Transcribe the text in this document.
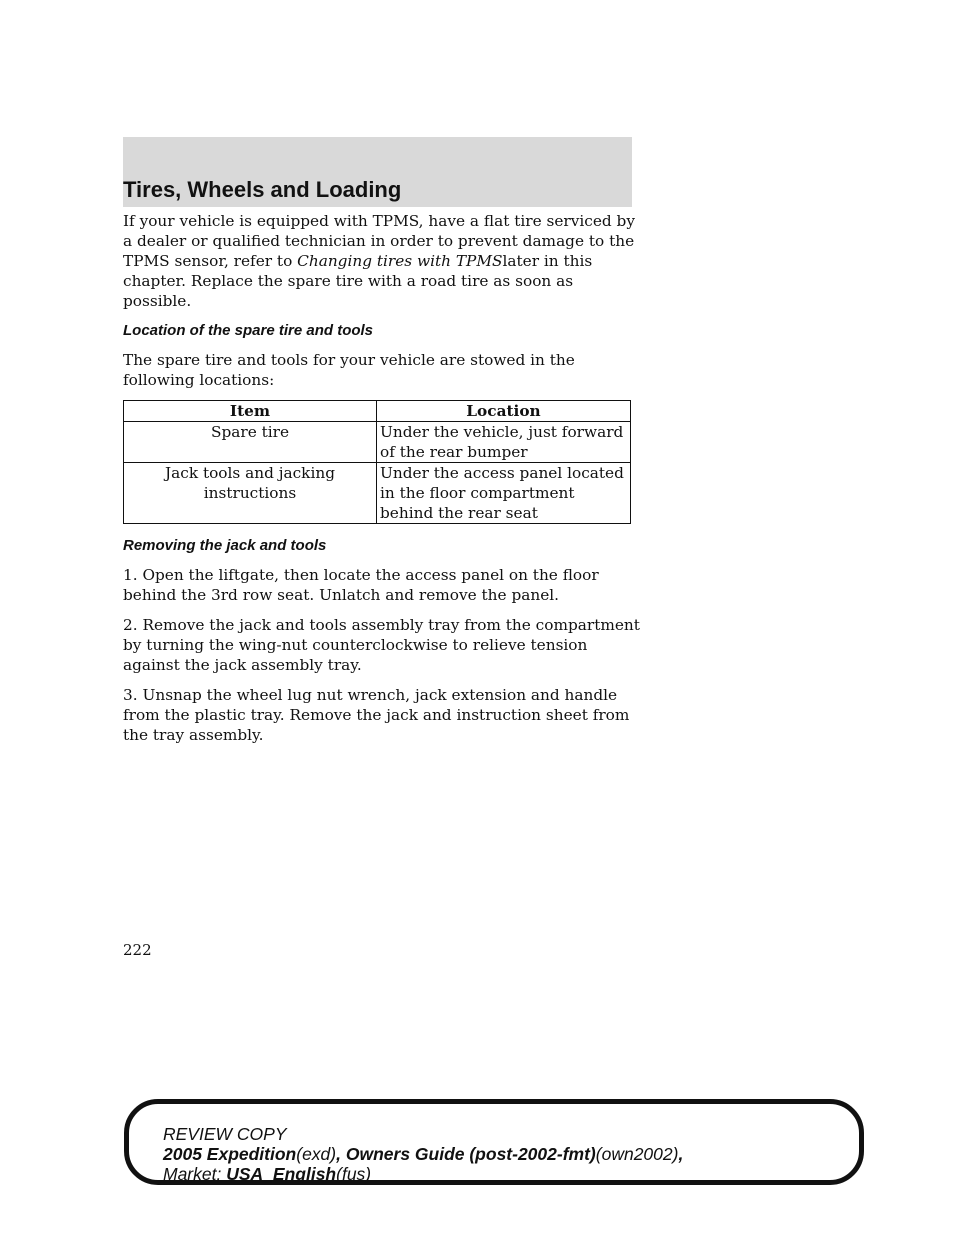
Tires, Wheels and Loading

If your vehicle is equipped with TPMS, have a flat tire serviced by a dealer or qualified technician in order to prevent damage to the TPMS sensor, refer to Changing tires with TPMSlater in this chapter. Replace the spare tire with a road tire as soon as possible.

Location of the spare tire and tools

The spare tire and tools for your vehicle are stowed in the following locations:

Item	Location
Spare tire	Under the vehicle, just forward of the rear bumper
Jack tools and jacking instructions	Under the access panel located in the floor compartment behind the rear seat
Removing the jack and tools

1. Open the liftgate, then locate the access panel on the floor behind the 3rd row seat. Unlatch and remove the panel.

2. Remove the jack and tools assembly tray from the compartment by turning the wing-nut counterclockwise to relieve tension against the jack assembly tray.

3. Unsnap the wheel lug nut wrench, jack extension and handle from the plastic tray. Remove the jack and instruction sheet from the tray assembly.

222
REVIEW COPY
2005 Expedition(exd), Owners Guide (post-2002-fmt)(own2002),
Market: USA_English(fus)
